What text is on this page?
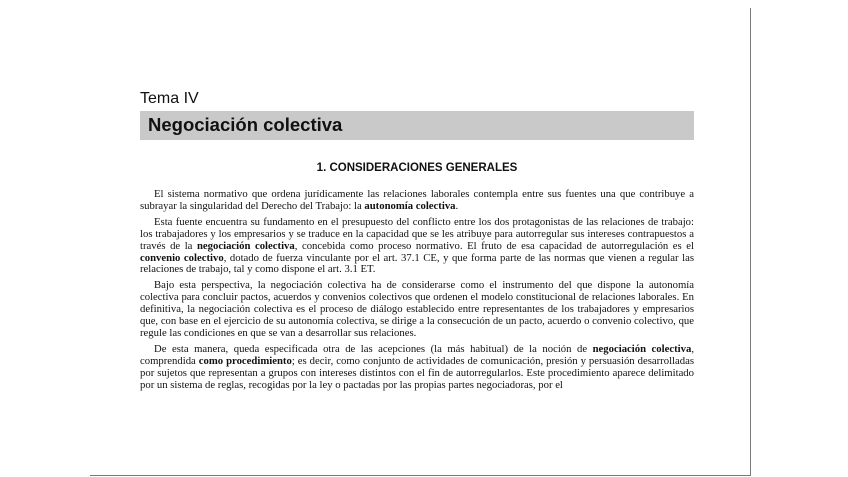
Tema IV
Negociación colectiva
1. CONSIDERACIONES GENERALES

El sistema normativo que ordena jurídicamente las relaciones laborales contempla entre sus fuentes una que contribuye a subrayar la singularidad del Derecho del Trabajo: la autonomía colectiva.

Esta fuente encuentra su fundamento en el presupuesto del conflicto entre los dos protagonistas de las relaciones de trabajo: los trabajadores y los empresarios y se traduce en la capacidad que se les atribuye para autorregular sus intereses contrapuestos a través de la negociación colectiva, concebida como proceso normativo. El fruto de esa capacidad de autorregulación es el convenio colectivo, dotado de fuerza vinculante por el art. 37.1 CE, y que forma parte de las normas que vienen a regular las relaciones de trabajo, tal y como dispone el art. 3.1 ET.

Bajo esta perspectiva, la negociación colectiva ha de considerarse como el instrumento del que dispone la autonomía colectiva para concluir pactos, acuerdos y convenios colectivos que ordenen el modelo constitucional de relaciones laborales. En definitiva, la negociación colectiva es el proceso de diálogo establecido entre representantes de los trabajadores y empresarios que, con base en el ejercicio de su autonomía colectiva, se dirige a la consecución de un pacto, acuerdo o convenio colectivo, que regule las condiciones en que se van a desarrollar sus relaciones.

De esta manera, queda especificada otra de las acepciones (la más habitual) de la noción de negociación colectiva, comprendida como procedimiento; es decir, como conjunto de actividades de comunicación, presión y persuasión desarrolladas por sujetos que representan a grupos con intereses distintos con el fin de autorregularlos. Este procedimiento aparece delimitado por un sistema de reglas, recogidas por la ley o pactadas por las propias partes negociadoras, por el
